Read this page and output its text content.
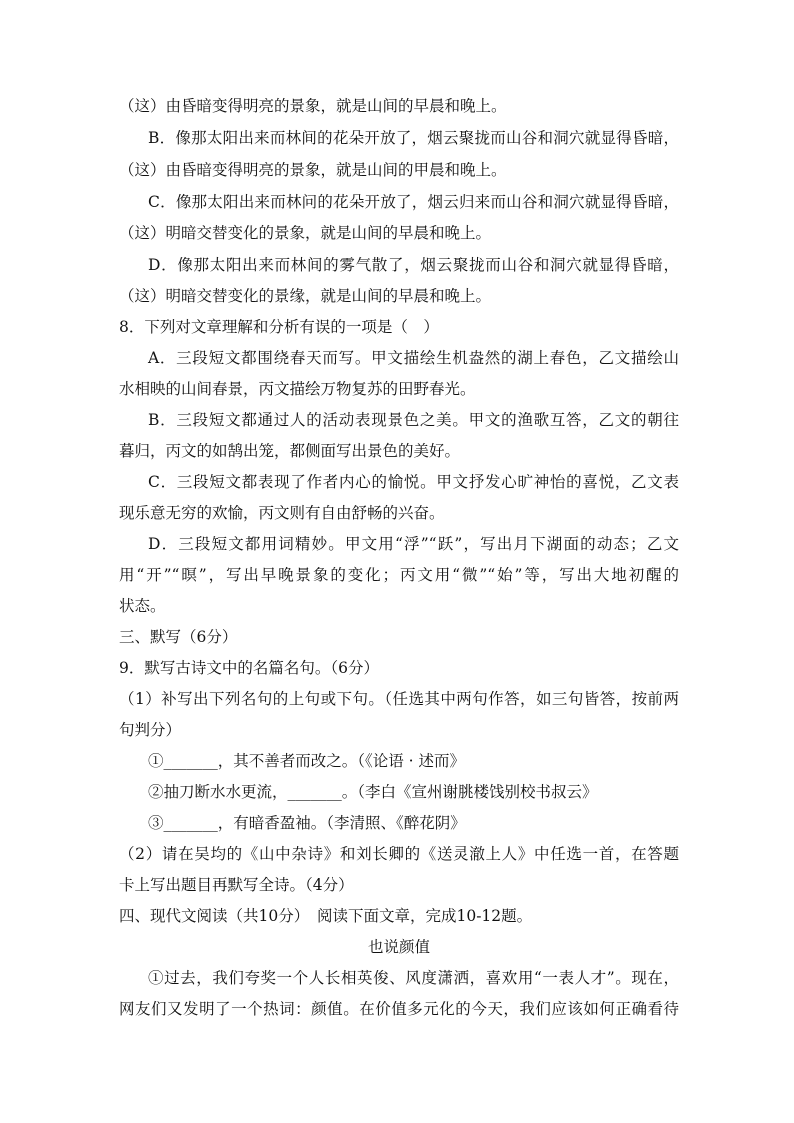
（这）由昏暗变得明亮的景象，就是山间的早晨和晚上。
B．像那太阳出来而林间的花朵开放了，烟云聚拢而山谷和洞穴就显得昏暗，
（这）由昏暗变得明亮的景象，就是山间的甲晨和晚上。
C．像那太阳出来而林问的花朵开放了，烟云归来而山谷和洞穴就显得昏暗，
（这）明暗交替变化的景象，就是山间的早晨和晚上。
D．像那太阳出来而林间的雾气散了，烟云聚拢而山谷和洞穴就显得昏暗，
（这）明暗交替变化的景缘，就是山间的早晨和晚上。
8．下列对文章理解和分析有误的一项是（　）
A．三段短文都围绕春天而写。甲文描绘生机盎然的湖上春色，乙文描绘山
水相映的山间春景，丙文描绘万物复苏的田野春光。
B．三段短文都通过人的活动表现景色之美。甲文的渔歌互答，乙文的朝往
暮归，丙文的如鹄出笼，都侧面写出景色的美好。
C．三段短文都表现了作者内心的愉悦。甲文抒发心旷神怡的喜悦，乙文表
现乐意无穷的欢愉，丙文则有自由舒畅的兴奋。
D．三段短文都用词精妙。甲文用“浮”“跃”，写出月下湖面的动态；乙文
用“开”“暝”，写出早晚景象的变化；丙文用“微”“始”等，写出大地初醒的
状态。
三、默写（6分）
9．默写古诗文中的名篇名句。（6分）
（1）补写出下列名句的上句或下句。（任选其中两句作答，如三句皆答，按前两
句判分）
①_______，其不善者而改之。（《论语 · 述而》
②抽刀断水水更流，_______。（李白《宣州谢朓楼饯别校书叔云》
③_______，有暗香盈袖。（李清照、《醉花阴》
（2）请在吴均的《山中杂诗》和刘长卿的《送灵澈上人》中任选一首，在答题
卡上写出题目再默写全诗。（4分）
四、现代文阅读（共10分）　阅读下面文章，完成10-12题。
也说颜值
①过去，我们夸奖一个人长相英俊、风度潇洒，喜欢用“一表人才”。现在，
网友们又发明了一个热词：颜值。在价值多元化的今天，我们应该如何正确看待
